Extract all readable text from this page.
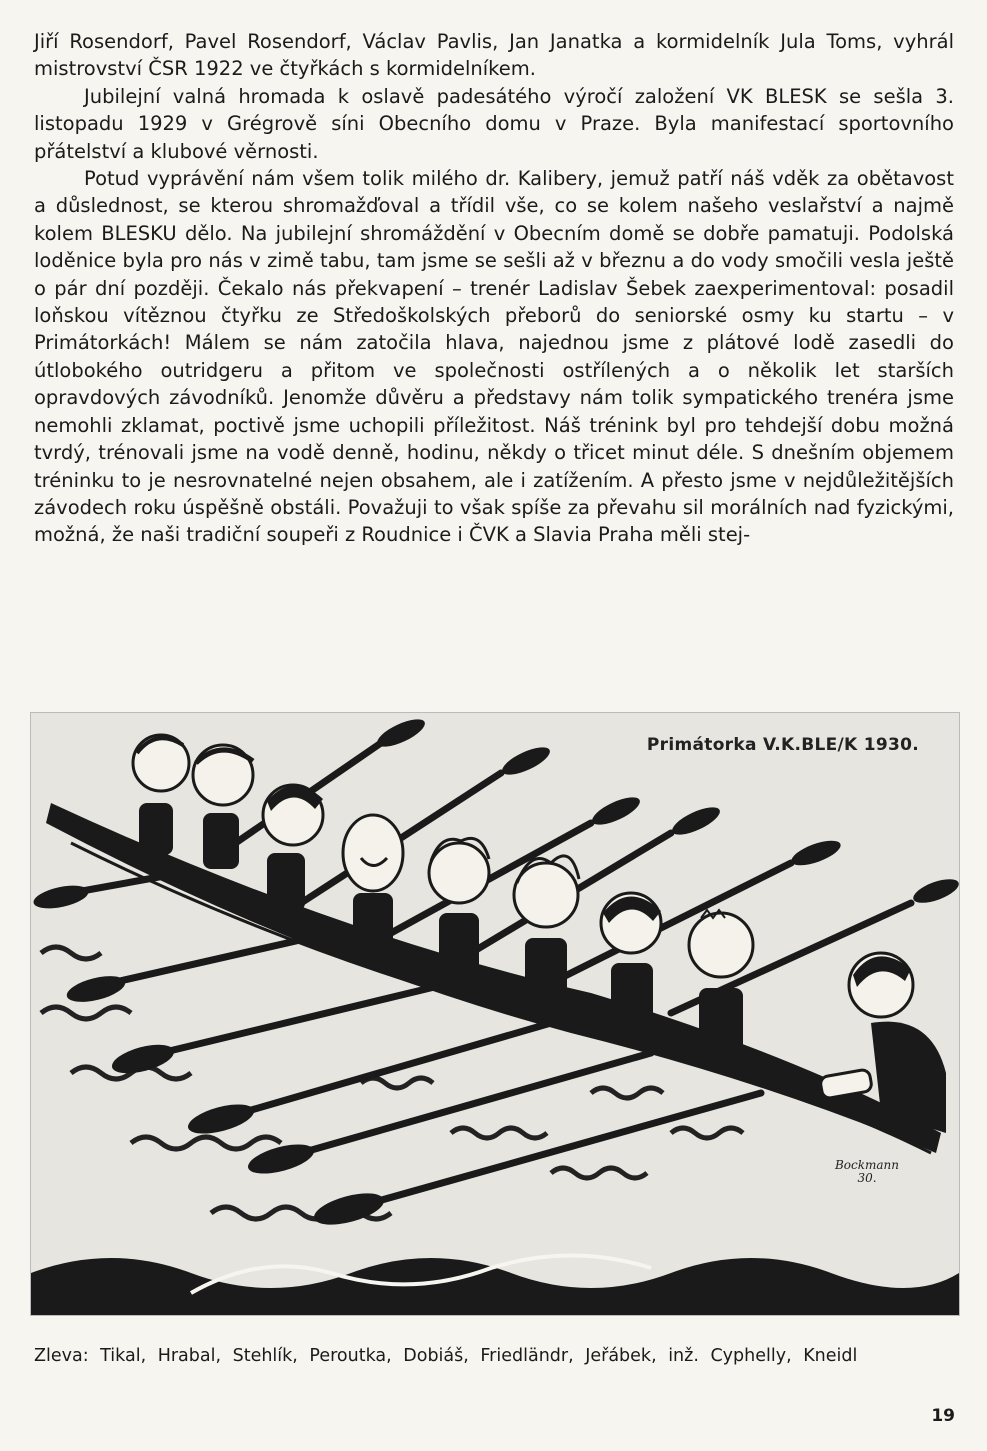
Jiří Rosendorf, Pavel Rosendorf, Václav Pavlis, Jan Janatka a kormidelník Jula Toms, vyhrál mistrovství ČSR 1922 ve čtyřkách s kormidelníkem.

Jubilejní valná hromada k oslavě padesátého výročí založení VK BLESK se sešla 3. listopadu 1929 v Grégrově síni Obecního domu v Praze. Byla manifestací sportovního přátelství a klubové věrnosti.

Potud vyprávění nám všem tolik milého dr. Kalibery, jemuž patří náš vděk za obětavost a důslednost, se kterou shromažďoval a třídil vše, co se kolem našeho veslařství a najmě kolem BLESKU dělo. Na jubilejní shromáždění v Obecním domě se dobře pamatuji. Podolská loděnice byla pro nás v zimě tabu, tam jsme se sešli až v březnu a do vody smočili vesla ještě o pár dní později. Čekalo nás překvapení – trenér Ladislav Šebek zaexperimentoval: posadil loňskou vítěznou čtyřku ze Středoškolských přeborů do seniorské osmy ku startu – v Primátorkách! Málem se nám zatočila hlava, najednou jsme z plátové lodě zasedli do útlobokého outridgeru a přitom ve společnosti ostřílených a o několik let starších opravdových závodníků. Jenomže důvěru a představy nám tolik sympatického trenéra jsme nemohli zklamat, poctivě jsme uchopili příležitost. Náš trénink byl pro tehdejší dobu možná tvrdý, trénovali jsme na vodě denně, hodinu, někdy o třicet minut déle. S dnešním objemem tréninku to je nesrovnatelné nejen obsahem, ale i zatížením. A přesto jsme v nejdůležitějších závodech roku úspěšně obstáli. Považuji to však spíše za převahu sil morálních nad fyzickými, možná, že naši tradiční soupeři z Roudnice i ČVK a Slavia Praha měli stej-

Primátorka V.K.BLE/K 1930.
Bockmann
30.
Zleva: Tikal, Hrabal, Stehlík, Peroutka, Dobiáš, Friedländr, Jeřábek, inž. Cyphelly, Kneidl
19
